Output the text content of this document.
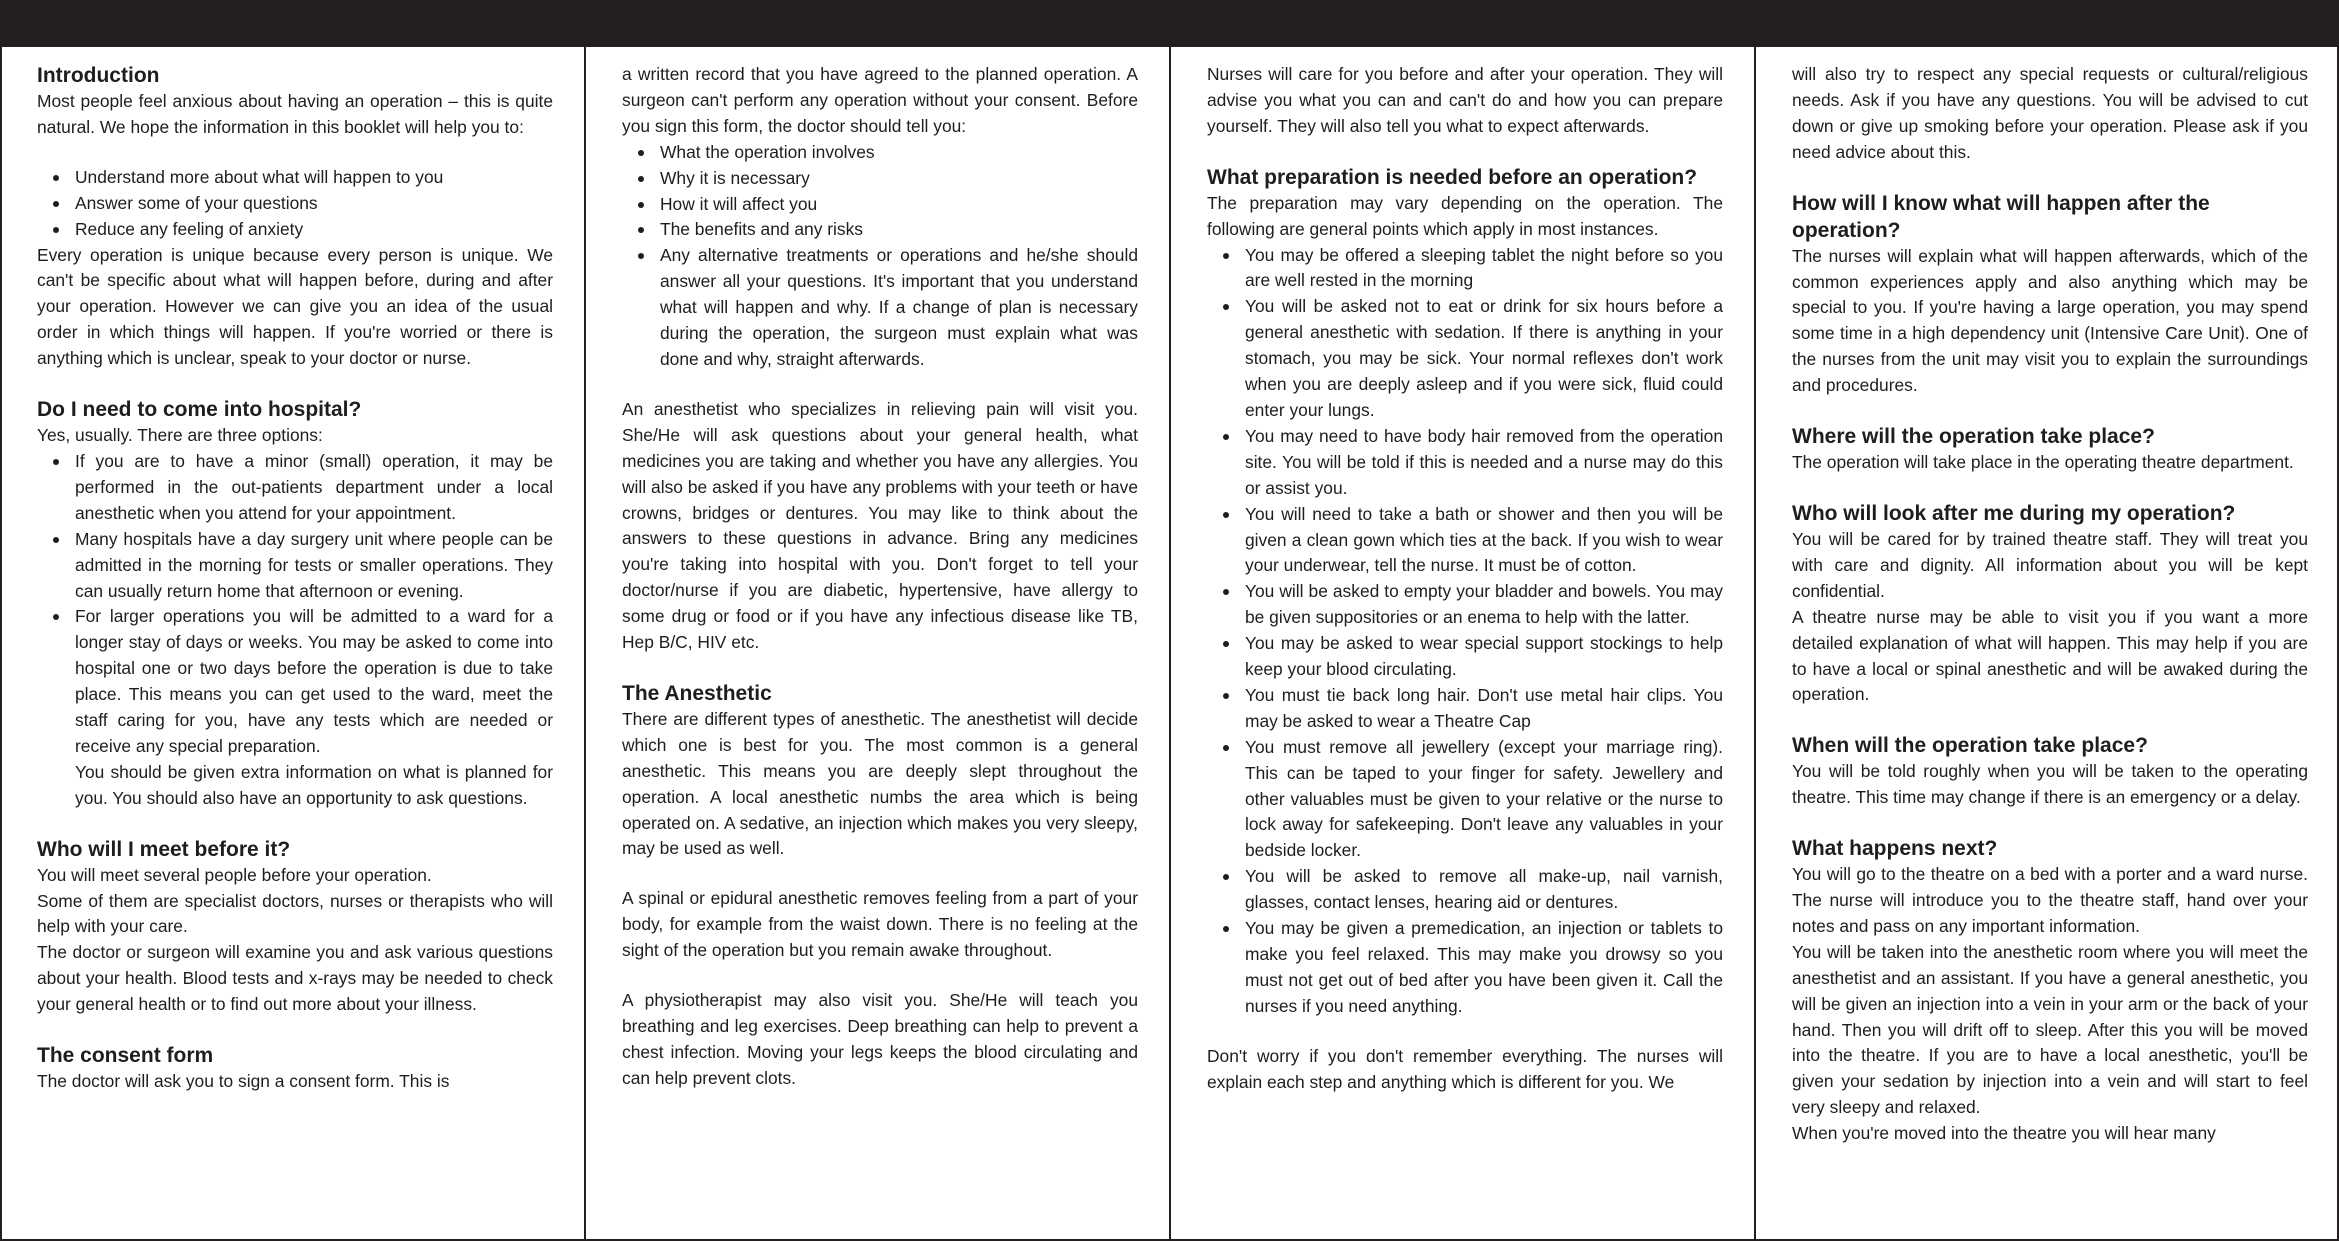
Introduction

Most people feel anxious about having an operation – this is quite natural. We hope the information in this booklet will help you to:

Understand more about what will happen to you
Answer some of your questions
Reduce any feeling of anxiety

Every operation is unique because every person is unique. We can't be specific about what will happen before, during and after your operation. However we can give you an idea of the usual order in which things will happen. If you're worried or there is anything which is unclear, speak to your doctor or nurse.

Do I need to come into hospital?

Yes, usually. There are three options:

If you are to have a minor (small) operation, it may be performed in the out-patients department under a local anesthetic when you attend for your appointment.
Many hospitals have a day surgery unit where people can be admitted in the morning for tests or smaller operations. They can usually return home that afternoon or evening.
For larger operations you will be admitted to a ward for a longer stay of days or weeks. You may be asked to come into hospital one or two days before the operation is due to take place. This means you can get used to the ward, meet the staff caring for you, have any tests which are needed or receive any special preparation.

You should be given extra information on what is planned for you. You should also have an opportunity to ask questions.

Who will I meet before it?

You will meet several people before your operation.

Some of them are specialist doctors, nurses or therapists who will help with your care.

The doctor or surgeon will examine you and ask various questions about your health. Blood tests and x-rays may be needed to check your general health or to find out more about your illness.

The consent form

The doctor will ask you to sign a consent form. This is

a written record that you have agreed to the planned operation. A surgeon can't perform any operation without your consent. Before you sign this form, the doctor should tell you:

What the operation involves
Why it is necessary
How it will affect you
The benefits and any risks
Any alternative treatments or operations and he/she should answer all your questions. It's important that you understand what will happen and why. If a change of plan is necessary during the operation, the surgeon must explain what was done and why, straight afterwards.

An anesthetist who specializes in relieving pain will visit you. She/He will ask questions about your general health, what medicines you are taking and whether you have any allergies. You will also be asked if you have any problems with your teeth or have crowns, bridges or dentures. You may like to think about the answers to these questions in advance. Bring any medicines you're taking into hospital with you. Don't forget to tell your doctor/nurse if you are diabetic, hypertensive, have allergy to some drug or food or if you have any infectious disease like TB, Hep B/C, HIV etc.

The Anesthetic

There are different types of anesthetic. The anesthetist will decide which one is best for you. The most common is a general anesthetic. This means you are deeply slept throughout the operation. A local anesthetic numbs the area which is being operated on. A sedative, an injection which makes you very sleepy, may be used as well.

A spinal or epidural anesthetic removes feeling from a part of your body, for example from the waist down. There is no feeling at the sight of the operation but you remain awake throughout.

A physiotherapist may also visit you. She/He will teach you breathing and leg exercises. Deep breathing can help to prevent a chest infection. Moving your legs keeps the blood circulating and can help prevent clots.

Nurses will care for you before and after your operation. They will advise you what you can and can't do and how you can prepare yourself. They will also tell you what to expect afterwards.

What preparation is needed before an operation?

The preparation may vary depending on the operation. The following are general points which apply in most instances.

You may be offered a sleeping tablet the night before so you are well rested in the morning
You will be asked not to eat or drink for six hours before a general anesthetic with sedation. If there is anything in your stomach, you may be sick. Your normal reflexes don't work when you are deeply asleep and if you were sick, fluid could enter your lungs.
You may need to have body hair removed from the operation site. You will be told if this is needed and a nurse may do this or assist you.
You will need to take a bath or shower and then you will be given a clean gown which ties at the back. If you wish to wear your underwear, tell the nurse. It must be of cotton.
You will be asked to empty your bladder and bowels. You may be given suppositories or an enema to help with the latter.
You may be asked to wear special support stockings to help keep your blood circulating.
You must tie back long hair. Don't use metal hair clips. You may be asked to wear a Theatre Cap
You must remove all jewellery (except your marriage ring). This can be taped to your finger for safety. Jewellery and other valuables must be given to your relative or the nurse to lock away for safekeeping. Don't leave any valuables in your bedside locker.
You will be asked to remove all make-up, nail varnish, glasses, contact lenses, hearing aid or dentures.
You may be given a premedication, an injection or tablets to make you feel relaxed. This may make you drowsy so you must not get out of bed after you have been given it. Call the nurses if you need anything.

Don't worry if you don't remember everything. The nurses will explain each step and anything which is different for you. We

will also try to respect any special requests or cultural/religious needs. Ask if you have any questions. You will be advised to cut down or give up smoking before your operation. Please ask if you need advice about this.

How will I know what will happen after the operation?

The nurses will explain what will happen afterwards, which of the common experiences apply and also anything which may be special to you. If you're having a large operation, you may spend some time in a high dependency unit (Intensive Care Unit). One of the nurses from the unit may visit you to explain the surroundings and procedures.

Where will the operation take place?

The operation will take place in the operating theatre department.

Who will look after me during my operation?

You will be cared for by trained theatre staff. They will treat you with care and dignity. All information about you will be kept confidential.

A theatre nurse may be able to visit you if you want a more detailed explanation of what will happen. This may help if you are to have a local or spinal anesthetic and will be awaked during the operation.

When will the operation take place?

You will be told roughly when you will be taken to the operating theatre. This time may change if there is an emergency or a delay.

What happens next?

You will go to the theatre on a bed with a porter and a ward nurse. The nurse will introduce you to the theatre staff, hand over your notes and pass on any important information.

You will be taken into the anesthetic room where you will meet the anesthetist and an assistant. If you have a general anesthetic, you will be given an injection into a vein in your arm or the back of your hand. Then you will drift off to sleep. After this you will be moved into the theatre. If you are to have a local anesthetic, you'll be given your sedation by injection into a vein and will start to feel very sleepy and relaxed.

When you're moved into the theatre you will hear many
